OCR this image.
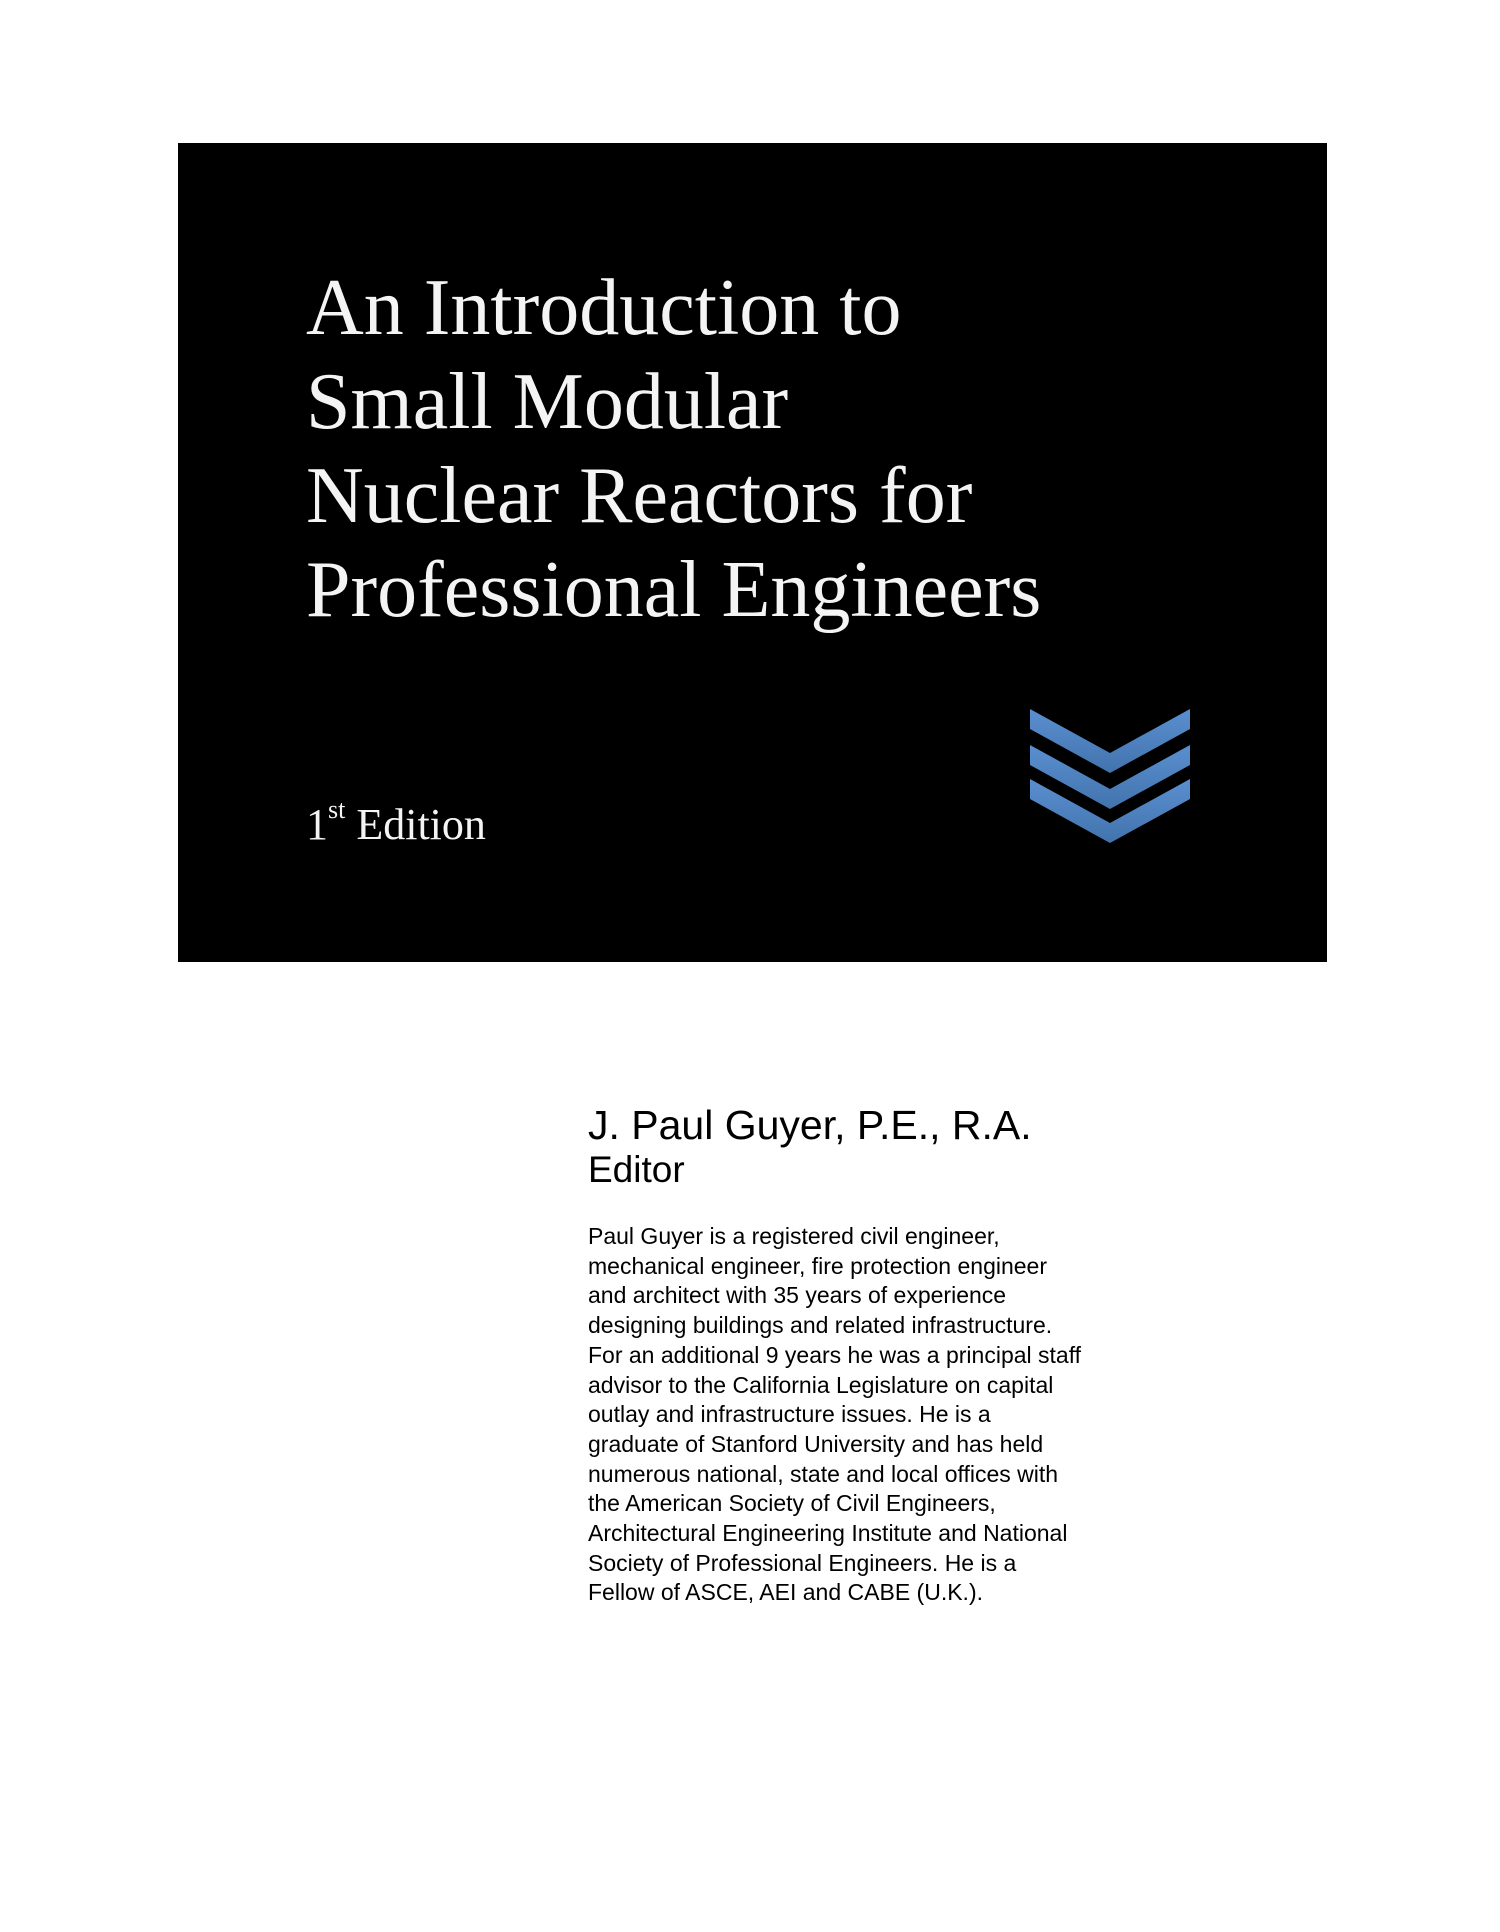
An Introduction to
Small Modular
Nuclear Reactors for
Professional Engineers
1st Edition
J. Paul Guyer, P.E., R.A.
Editor
Paul Guyer is a registered civil engineer,
mechanical engineer, fire protection engineer
and architect with 35 years of experience
designing buildings and related infrastructure.
For an additional 9 years he was a principal staff
advisor to the California Legislature on capital
outlay and infrastructure issues. He is a
graduate of Stanford University and has held
numerous national, state and local offices with
the American Society of Civil Engineers,
Architectural Engineering Institute and National
Society of Professional Engineers. He is a
Fellow of ASCE, AEI and CABE (U.K.).
